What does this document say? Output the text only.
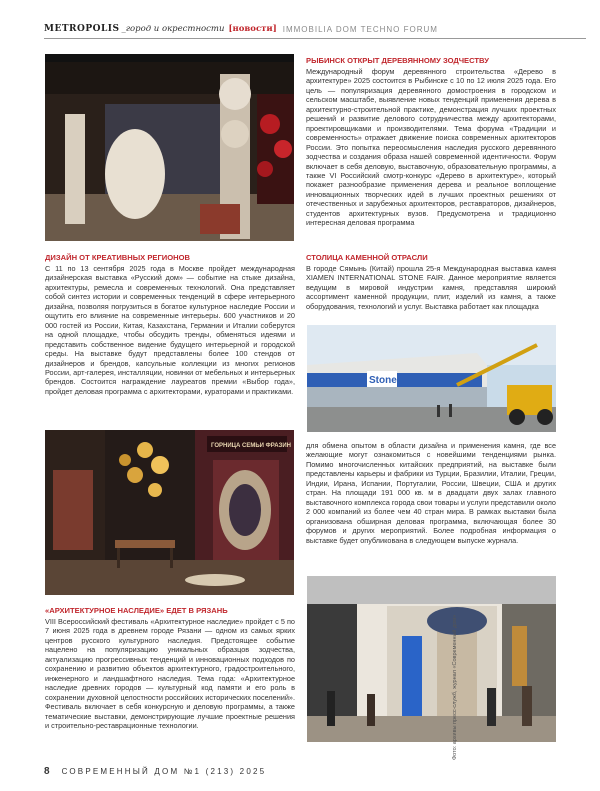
METROPOLIS _город и окрестности [новости] IMMOBILIA DOM TECHNO FORUM
РЫБИНСК ОТКРЫТ ДЕРЕВЯННОМУ ЗОДЧЕСТВУ
Международный форум деревянного строительства «Дерево в архитектуре» 2025 состоится в Рыбинске с 10 по 12 июля 2025 года. Его цель — популяризация деревянного домостроения в городском и сельском масштабе, выявление новых тенденций применения дерева в архитектурно-строительной практике, демонстрация лучших проектных решений и развитие делового сотрудничества между архитекторами, проектировщиками и производителями. Тема форума «Традиции и современность» отражает движение поиска современных архитекторов России. Это попытка переосмысления наследия русского деревянного зодчества и создания образа нашей современной идентичности. Форум включает в себя деловую, выставочную, образовательную программы, а также VI Российский смотр-конкурс «Дерево в архитектуре», который покажет разнообразие применения дерева и реальное воплощение инновационных творческих идей в лучших проектных решениях от отечественных и зарубежных архитекторов, реставраторов, дизайнеров, студентов архитектурных вузов. Предусмотрена и традиционно интересная деловая программа
ДИЗАЙН ОТ КРЕАТИВНЫХ РЕГИОНОВ
С 11 по 13 сентября 2025 года в Москве пройдет международная дизайнерская выставка «Русский дом» — событие на стыке дизайна, архитектуры, ремесла и современных технологий. Она представляет собой синтез истории и современных тенденций в сфере интерьерного дизайна, позволяя погрузиться в богатое культурное наследие России и ощутить его влияние на современные интерьеры. 600 участников и 20 000 гостей из России, Китая, Казахстана, Германии и Италии соберутся на одной площадке, чтобы обсудить тренды, обменяться идеями и представить собственное видение будущего интерьерной и городской среды. На выставке будут представлены более 100 стендов от дизайнеров и брендов, капсульные коллекции из многих регионов России, арт-галерея, инсталляции, новинки от мебельных и интерьерных брендов. Состоится награждение лауреатов премии «Выбор года», пройдет деловая программа с архитекторами, кураторами и практиками.
СТОЛИЦА КАМЕННОЙ ОТРАСЛИ
В городе Сямынь (Китай) прошла 25-я Международная выставка камня XIAMEN INTERNATIONAL STONE FAIR. Данное мероприятие является ведущим в мировой индустрии камня, представляя широкий ассортимент каменной продукции, плит, изделий из камня, а также оборудования, технологий и услуг. Выставка работает как площадка
Stone
для обмена опытом в области дизайна и применения камня, где все желающие могут ознакомиться с новейшими тенденциями рынка. Помимо многочисленных китайских предприятий, на выставке были представлены карьеры и фабрики из Турции, Бразилии, Италии, Греции, Индии, Ирана, Испании, Португалии, России, Швеции, США и других стран. На площади 191 000 кв. м в двадцати двух залах главного выставочного комплекса города свои товары и услуги представили около 2 000 компаний из более чем 40 стран мира. В рамках выставки была организована обширная деловая программа, включающая более 30 форумов и других мероприятий. Более подробная информация о выставке будет опубликована в следующем выпуске журнала.
ГОРНИЦА СЕМЬИ ФРАЗИН
«АРХИТЕКТУРНОЕ НАСЛЕДИЕ» ЕДЕТ В РЯЗАНЬ
VIII Всероссийский фестиваль «Архитектурное наследие» пройдет с 5 по 7 июня 2025 года в древнем городе Рязани — одном из самых ярких центров русского культурного наследия. Предстоящее событие нацелено на популяризацию уникальных образцов зодчества, актуализацию прогрессивных тенденций и инновационных подходов по сохранению и развитию объектов архитектурного, градостроительного, инженерного и ландшафтного наследия. Тема года: «Архитектурное наследие древних городов — культурный код памяти и его роль в сохранении духовной целостности российских исторических поселений». Фестиваль включает в себя конкурсную и деловую программы, а также тематические выставки, демонстрирующие лучшие проектные решения и строительно-реставрационные технологии.	Фото: архивы пресс-служб, журнал «Современный дом»
8 СОВРЕМЕННЫЙ ДОМ №1 (213) 2025
